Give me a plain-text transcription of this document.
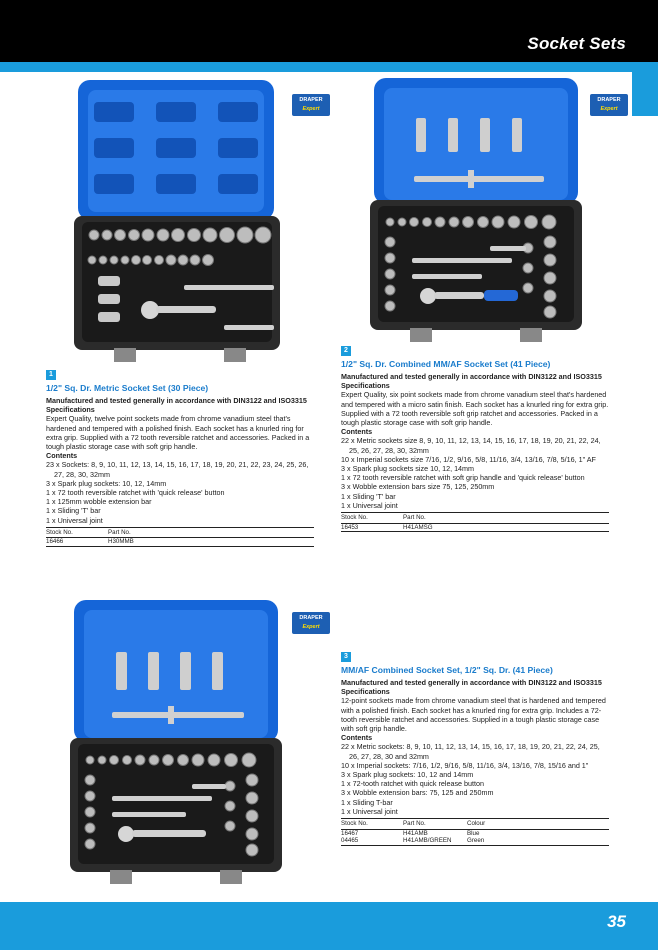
Socket Sets
DRAPER
Expert
DRAPER
Expert
DRAPER
Expert
1
1/2" Sq. Dr. Metric Socket Set (30 Piece)
Manufactured and tested generally in accordance with DIN3122 and ISO3315 Specifications
Expert Quality, twelve point sockets made from chrome vanadium steel that's hardened and tempered with a polished finish. Each socket has a knurled ring for extra grip. Supplied with a 72 tooth reversible ratchet and accessories. Packed in a tough plastic storage case with soft grip handle.
Contents
23 x Sockets: 8, 9, 10, 11, 12, 13, 14, 15, 16, 17, 18, 19, 20, 21, 22, 23, 24, 25, 26, 27, 28, 30, 32mm
3 x Spark plug sockets: 10, 12, 14mm
1 x 72 tooth reversible ratchet with 'quick release' button
1 x 125mm wobble extension bar
1 x Sliding 'T' bar
1 x Universal joint
Stock No.	Part No.
16466	H30MMB
2
1/2" Sq. Dr. Combined MM/AF Socket Set (41 Piece)
Manufactured and tested generally in accordance with DIN3122 and ISO3315 Specifications
Expert Quality, six point sockets made from chrome vanadium steel that's hardened and tempered with a micro satin finish. Each socket has a knurled ring for extra grip. Supplied with a 72 tooth reversible soft grip ratchet and accessories. Packed in a tough plastic storage case with soft grip handle.
Contents
22 x Metric sockets size 8, 9, 10, 11, 12, 13, 14, 15, 16, 17, 18, 19, 20, 21, 22, 24, 25, 26, 27, 28, 30, 32mm
10 x Imperial sockets size 7/16, 1/2, 9/16, 5/8, 11/16, 3/4, 13/16, 7/8, 5/16, 1" AF
3 x Spark plug sockets size 10, 12, 14mm
1 x 72 tooth reversible ratchet with soft grip handle and 'quick release' button
3 x Wobble extension bars size 75, 125, 250mm
1 x Sliding 'T' bar
1 x Universal joint
Stock No.	Part No.
16453	H41AMSG
3
MM/AF Combined Socket Set, 1/2" Sq. Dr. (41 Piece)
Manufactured and tested generally in accordance with DIN3122 and ISO3315 Specifications
12-point sockets made from chrome vanadium steel that is hardened and tempered with a polished finish. Each socket has a knurled ring for extra grip. Includes a 72-tooth reversible ratchet and accessories. Supplied in a tough plastic storage case with soft grip handle.
Contents
22 x Metric sockets: 8, 9, 10, 11, 12, 13, 14, 15, 16, 17, 18, 19, 20, 21, 22, 24, 25, 26, 27, 28, 30 and 32mm
10 x Imperial sockets: 7/16, 1/2, 9/16, 5/8, 11/16, 3/4, 13/16, 7/8, 15/16 and 1"
3 x Spark plug sockets: 10, 12 and 14mm
1 x 72-tooth ratchet with quick release button
3 x Wobble extension bars: 75, 125 and 250mm
1 x Sliding T-bar
1 x Universal joint
Stock No.	Part No.	Colour
16467	H41AMB	Blue
04465	H41AMB/GREEN	Green
35
